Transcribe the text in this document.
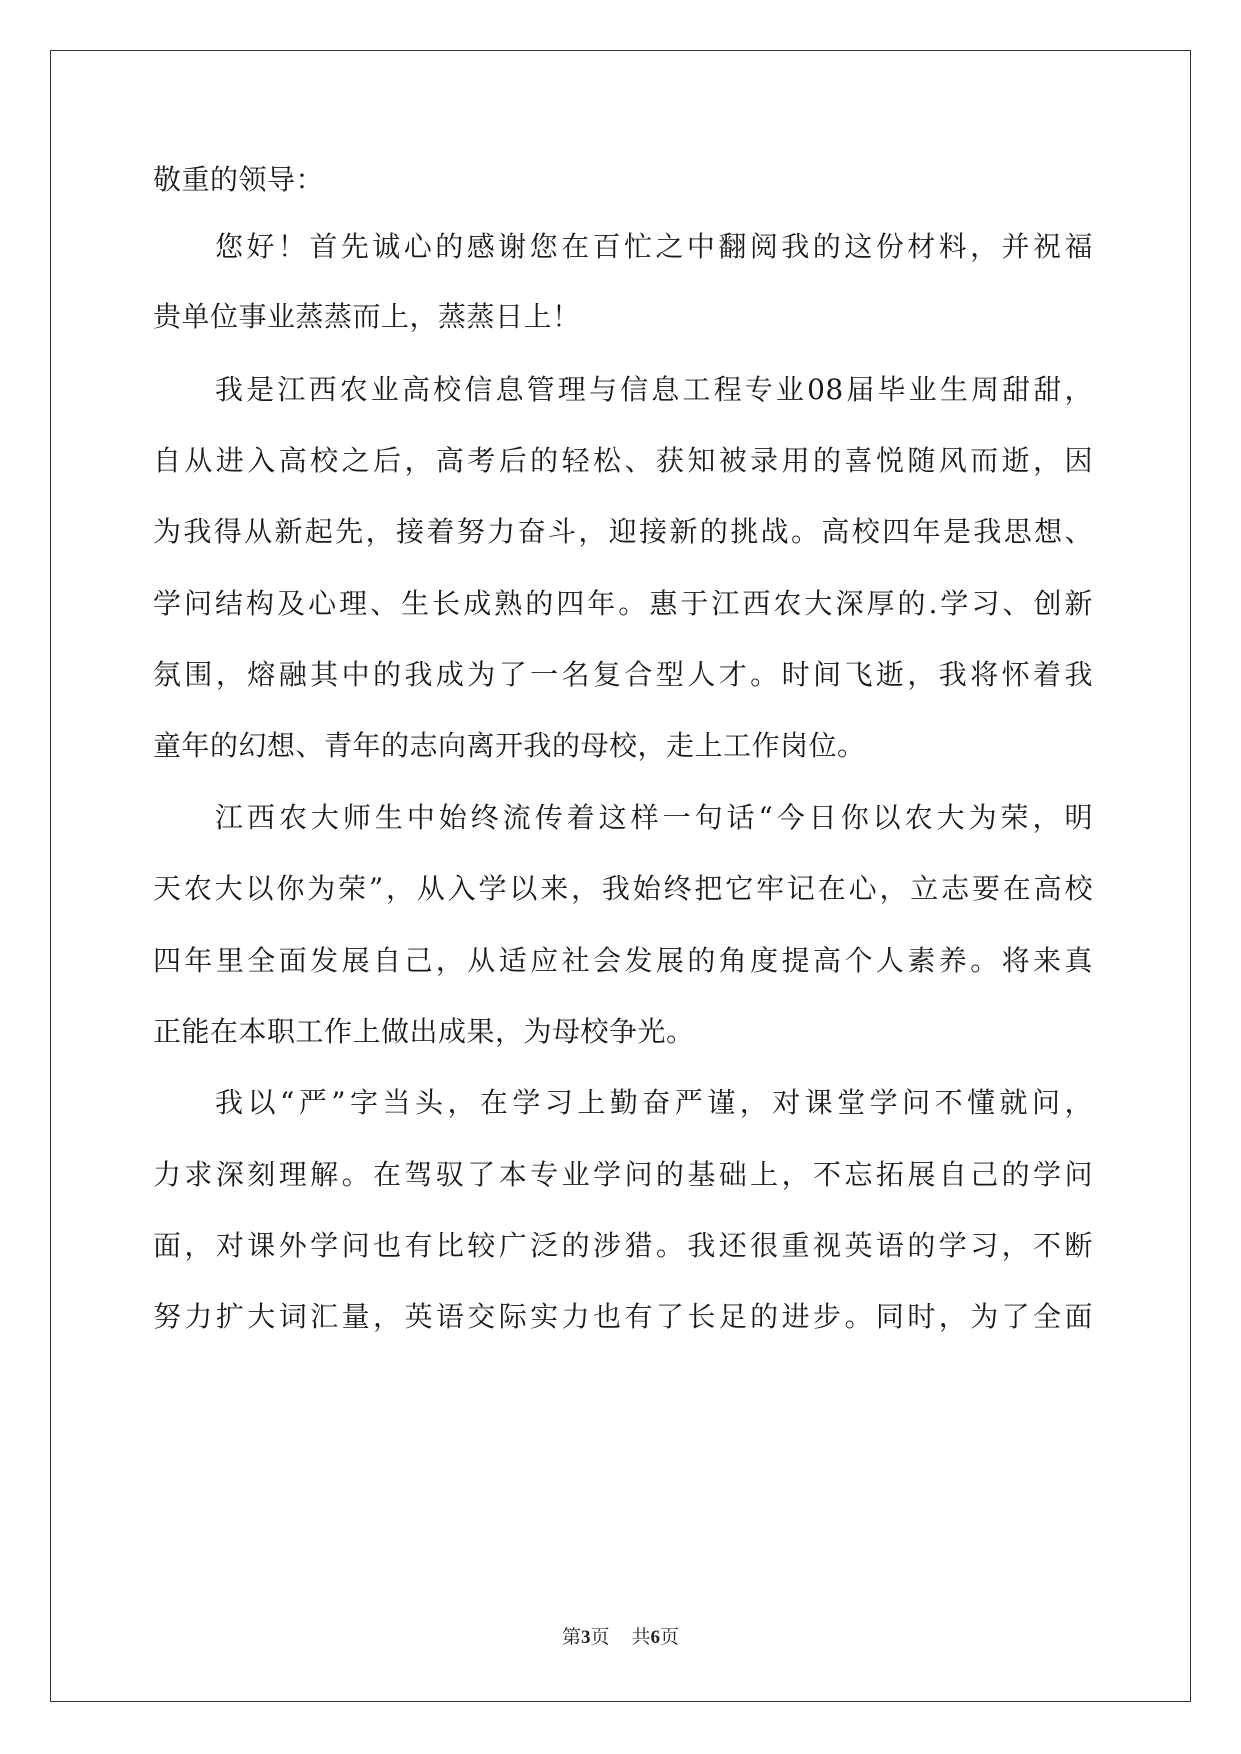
敬重的领导：
您好！首先诚心的感谢您在百忙之中翻阅我的这份材料，并祝福
贵单位事业蒸蒸而上，蒸蒸日上！
我是江西农业高校信息管理与信息工程专业08届毕业生周甜甜，
自从进入高校之后，高考后的轻松、获知被录用的喜悦随风而逝，因
为我得从新起先，接着努力奋斗，迎接新的挑战。高校四年是我思想、
学问结构及心理、生长成熟的四年。惠于江西农大深厚的.学习、创新
氛围，熔融其中的我成为了一名复合型人才。时间飞逝，我将怀着我
童年的幻想、青年的志向离开我的母校，走上工作岗位。
江西农大师生中始终流传着这样一句话“今日你以农大为荣，明
天农大以你为荣”，从入学以来，我始终把它牢记在心，立志要在高校
四年里全面发展自己，从适应社会发展的角度提高个人素养。将来真
正能在本职工作上做出成果，为母校争光。
我以“严”字当头，在学习上勤奋严谨，对课堂学问不懂就问，
力求深刻理解。在驾驭了本专业学问的基础上，不忘拓展自己的学问
面，对课外学问也有比较广泛的涉猎。我还很重视英语的学习，不断
努力扩大词汇量，英语交际实力也有了长足的进步。同时，为了全面
第3页 共6页
